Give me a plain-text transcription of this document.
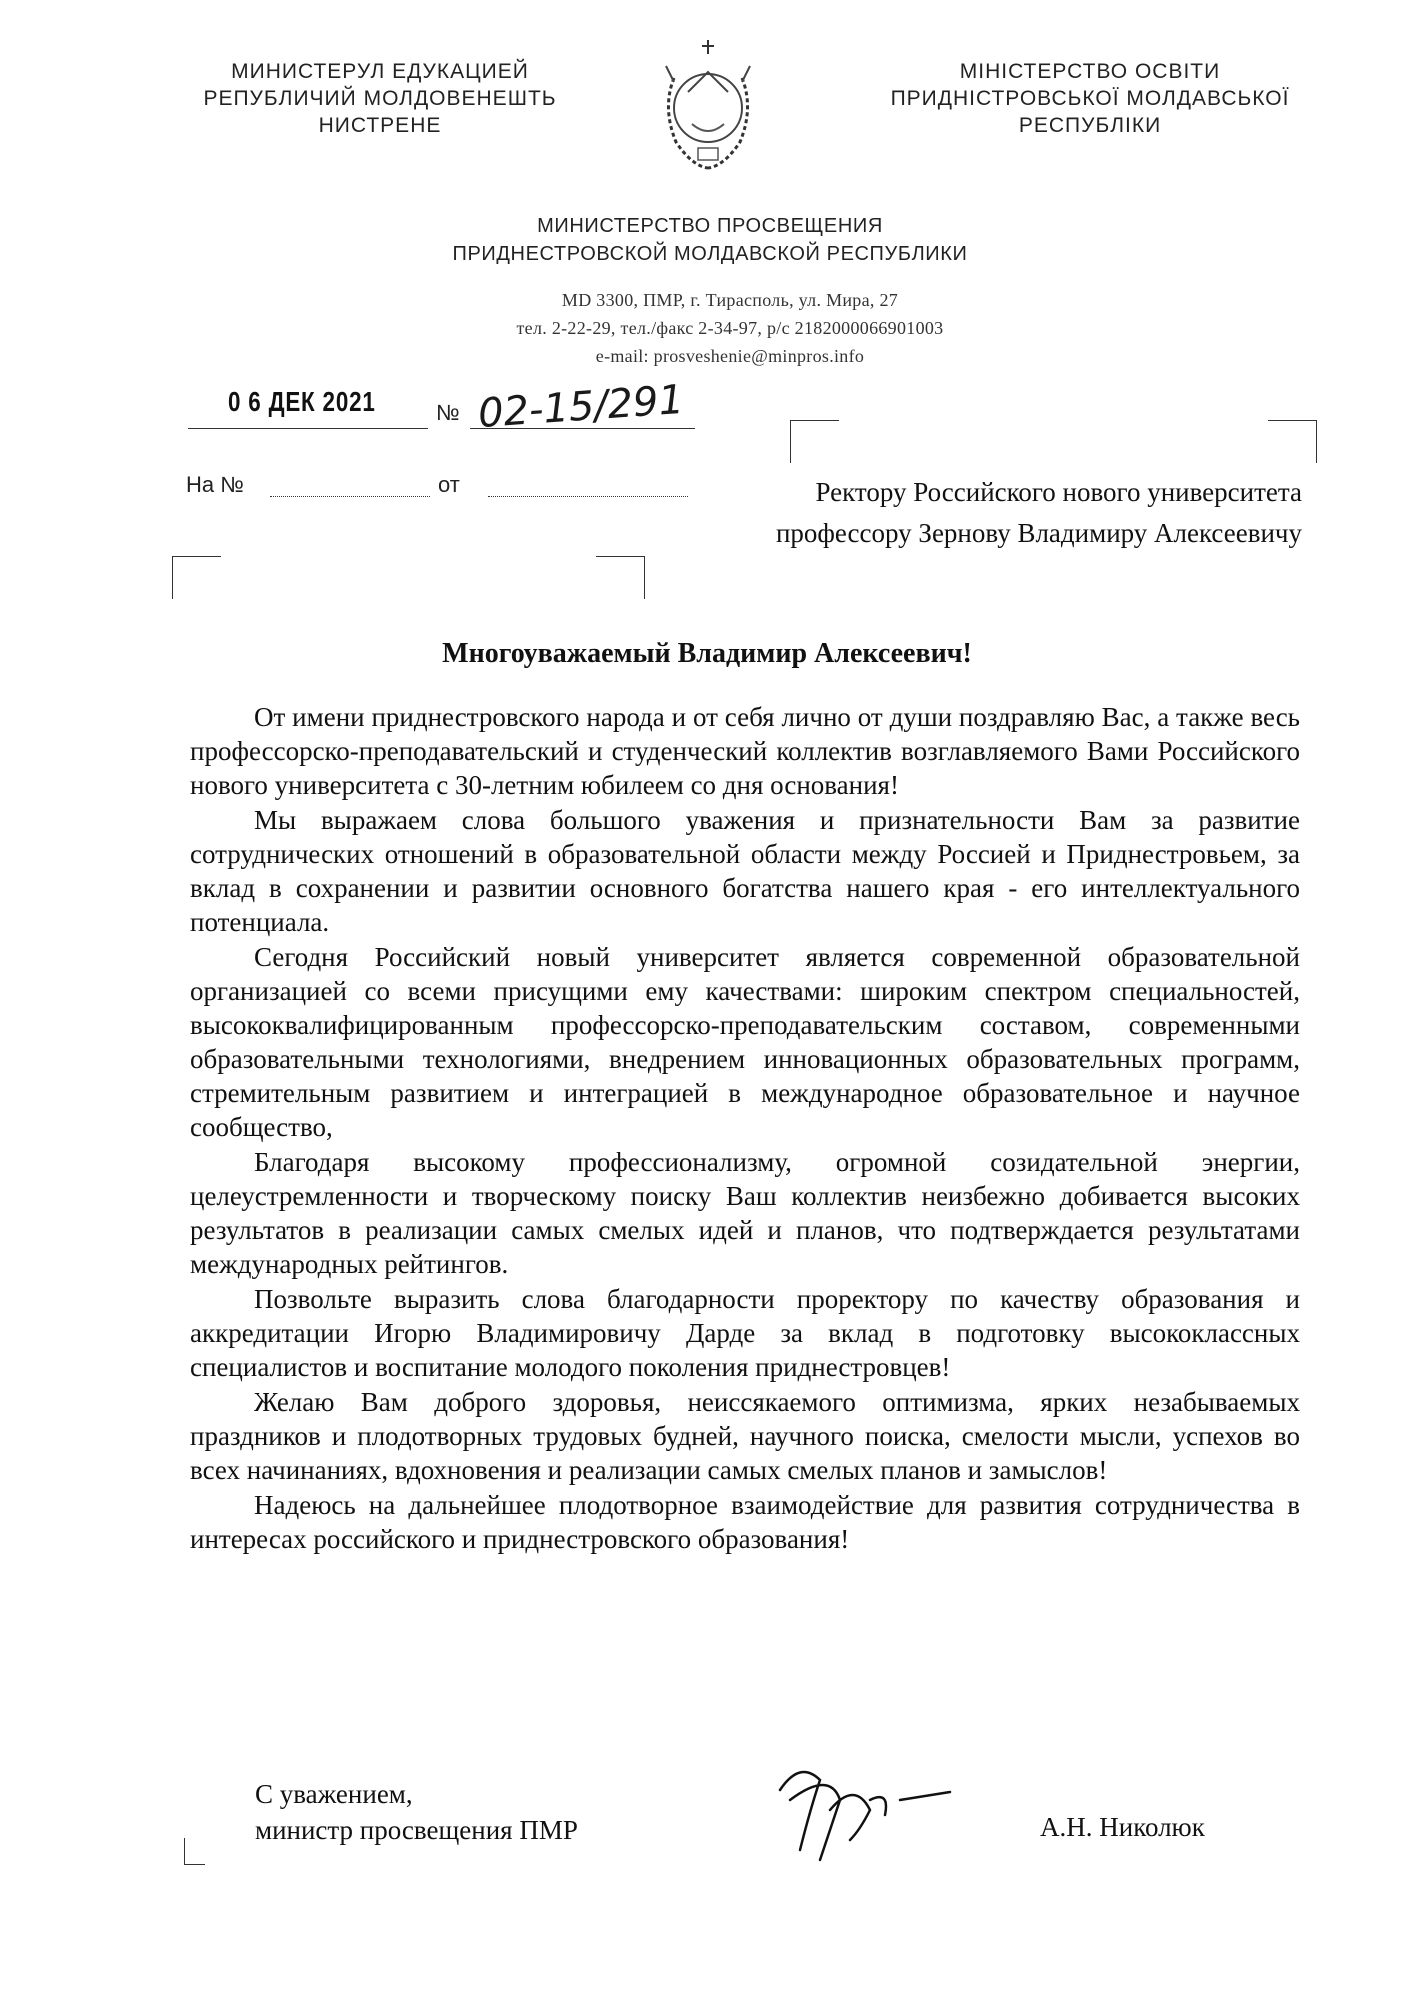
МИНИСТЕРУЛ ЕДУКАЦИЕЙ
РЕПУБЛИЧИЙ МОЛДОВЕНЕШТЬ
НИСТРЕНЕ
МІНІСТЕРСТВО ОСВІТИ
ПРИДНІСТРОВСЬКОЇ МОЛДАВСЬКОЇ
РЕСПУБЛІКИ
МИНИСТЕРСТВО ПРОСВЕЩЕНИЯ
ПРИДНЕСТРОВСКОЙ МОЛДАВСКОЙ РЕСПУБЛИКИ
MD 3300, ПМР, г. Тирасполь, ул. Мира, 27
тел. 2-22-29, тел./факс 2-34-97, р/с 2182000066901003
e-mail: prosveshenie@minpros.info
0 6 ДЕК 2021	№ 02-15/291
На №	от	Ректору Российского нового университета
профессору Зернову Владимиру Алексеевичу
Многоуважаемый Владимир Алексеевич!

От имени приднестровского народа и от себя лично от души поздравляю Вас, а также весь профессорско-преподавательский и студенческий коллектив возглавляемого Вами Российского нового университета с 30-летним юбилеем со дня основания!

Мы выражаем слова большого уважения и признательности Вам за развитие сотруднических отношений в образовательной области между Россией и Приднестровьем, за вклад в сохранении и развитии основного богатства нашего края - его интеллектуального потенциала.

Сегодня Российский новый университет является современной образовательной организацией со всеми присущими ему качествами: широким спектром специальностей, высококвалифицированным профессорско-преподавательским составом, современными образовательными технологиями, внедрением инновационных образовательных программ, стремительным развитием и интеграцией в международное образовательное и научное сообщество,

Благодаря высокому профессионализму, огромной созидательной энергии, целеустремленности и творческому поиску Ваш коллектив неизбежно добивается высоких результатов в реализации самых смелых идей и планов, что подтверждается результатами международных рейтингов.

Позвольте выразить слова благодарности проректору по качеству образования и аккредитации Игорю Владимировичу Дарде за вклад в подготовку высококлассных специалистов и воспитание молодого поколения приднестровцев!

Желаю Вам доброго здоровья, неиссякаемого оптимизма, ярких незабываемых праздников и плодотворных трудовых будней, научного поиска, смелости мысли, успехов во всех начинаниях, вдохновения и реализации самых смелых планов и замыслов!

Надеюсь на дальнейшее плодотворное взаимодействие для развития сотрудничества в интересах российского и приднестровского образования!

С уважением,
министр просвещения ПМР	А.Н. Николюк
